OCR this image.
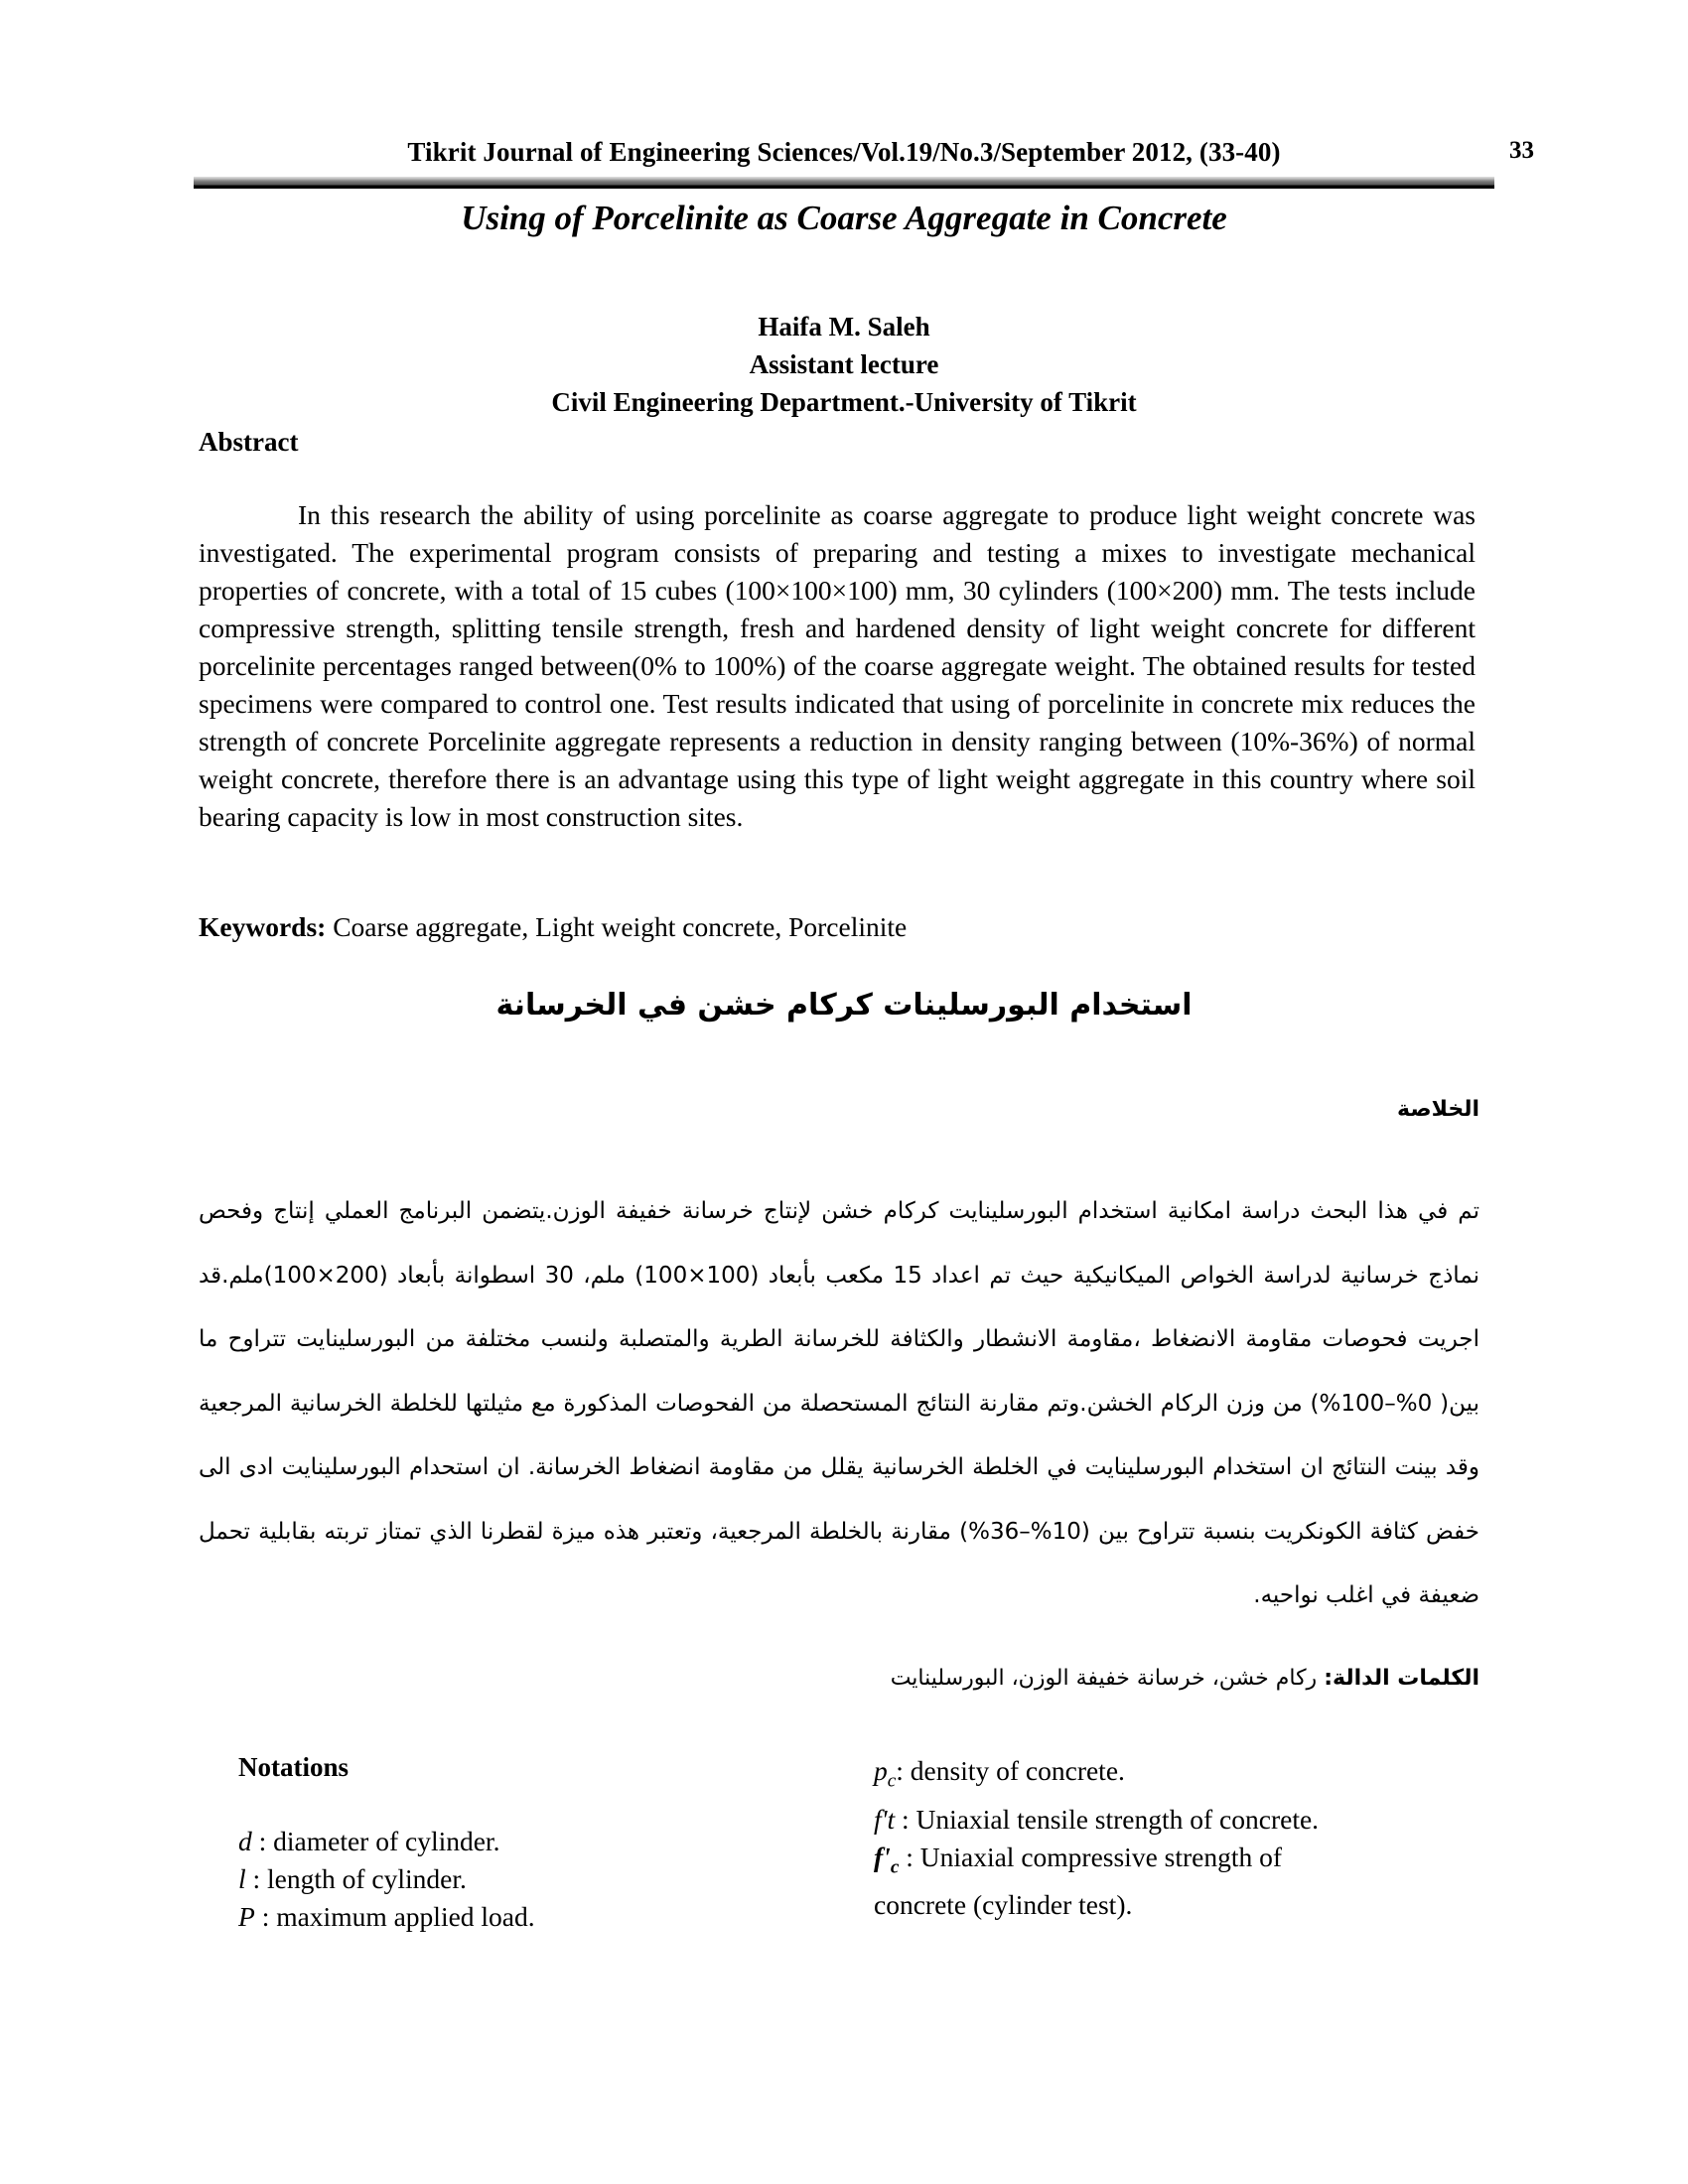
Tikrit Journal of Engineering Sciences/Vol.19/No.3/September 2012, (33-40)	33
Using of Porcelinite as Coarse Aggregate in Concrete
Haifa M. Saleh
Assistant lecture
Civil Engineering Department.-University of Tikrit
Abstract

In this research the ability of using porcelinite as coarse aggregate to produce light weight concrete was investigated. The experimental program consists of preparing and testing a mixes to investigate mechanical properties of concrete, with a total of 15 cubes (100×100×100) mm, 30 cylinders (100×200) mm. The tests include compressive strength, splitting tensile strength, fresh and hardened density of light weight concrete for different porcelinite percentages ranged between(0% to 100%) of the coarse aggregate weight. The obtained results for tested specimens were compared to control one. Test results indicated that using of porcelinite in concrete mix reduces the strength of concrete Porcelinite aggregate represents a reduction in density ranging between (10%-36%) of normal weight concrete, therefore there is an advantage using this type of light weight aggregate in this country where soil bearing capacity is low in most construction sites.

Keywords: Coarse aggregate, Light weight concrete, Porcelinite
استخدام البورسلينات كركام خشن في الخرسانة
الخلاصة
تم في هذا البحث دراسة امكانية استخدام البورسلينايت كركام خشن لإنتاج خرسانة خفيفة الوزن.يتضمن البرنامج العملي إنتاج وفحص نماذج خرسانية لدراسة الخواص الميكانيكية حيث تم اعداد 15 مكعب بأبعاد (100×100) ملم، 30 اسطوانة بأبعاد (200×100)ملم.قد اجريت فحوصات مقاومة الانضغاط ،مقاومة الانشطار والكثافة للخرسانة الطرية والمتصلبة ولنسب مختلفة من البورسلينايت تتراوح ما بين( 0%–100%) من وزن الركام الخشن.وتم مقارنة النتائج المستحصلة من الفحوصات المذكورة مع مثيلتها للخلطة الخرسانية المرجعية وقد بينت النتائج ان استخدام البورسلينايت في الخلطة الخرسانية يقلل من مقاومة انضغاط الخرسانة. ان استحدام البورسلينايت ادى الى خفض كثافة الكونكريت بنسبة تتراوح بين (10%–36%) مقارنة بالخلطة المرجعية، وتعتبر هذه ميزة لقطرنا الذي تمتاز تربته بقابلية تحمل ضعيفة في اغلب نواحيه.
الكلمات الدالة: ركام خشن، خرسانة خفيفة الوزن، البورسلينايت
Notations
d : diameter of cylinder.
l : length of cylinder.
P : maximum applied load.
$p_c$: density of concrete.
f't : Uniaxial tensile strength of concrete.
$f'_c$ : Uniaxial compressive strength of
concrete (cylinder test).
